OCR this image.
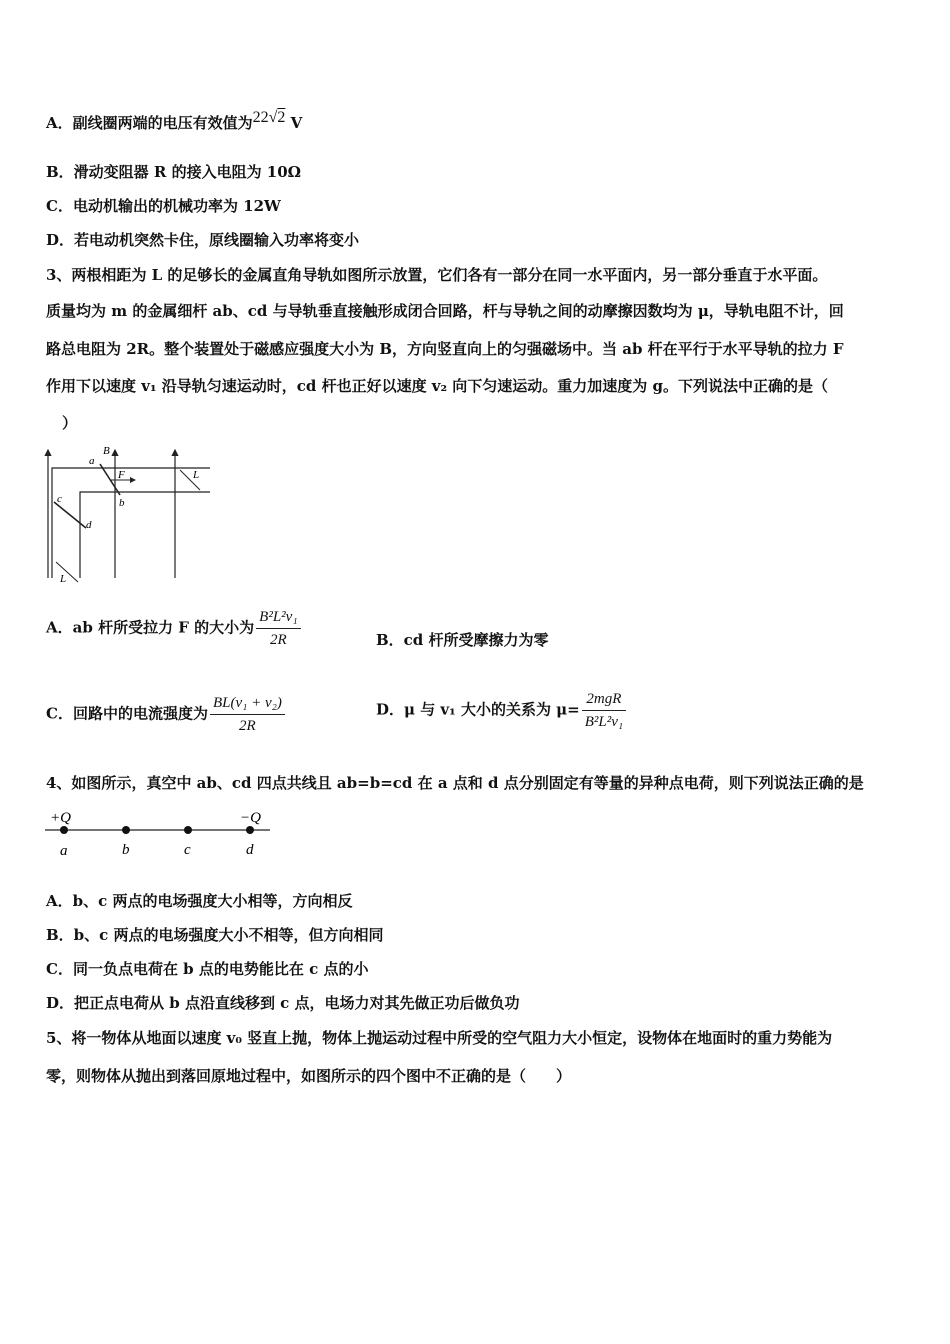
A．副线圈两端的电压有效值为22√2 V
B．滑动变阻器 R 的接入电阻为 10Ω
C．电动机输出的机械功率为 12W
D．若电动机突然卡住，原线圈输入功率将变小
3、两根相距为 L 的足够长的金属直角导轨如图所示放置，它们各有一部分在同一水平面内，另一部分垂直于水平面。
质量均为 m 的金属细杆 ab、cd 与导轨垂直接触形成闭合回路，杆与导轨之间的动摩擦因数均为 μ，导轨电阻不计，回
路总电阻为 2R。整个装置处于磁感应强度大小为 B，方向竖直向上的匀强磁场中。当 ab 杆在平行于水平导轨的拉力 F
作用下以速度 v₁ 沿导轨匀速运动时，cd 杆也正好以速度 v₂ 向下匀速运动。重力加速度为 g。下列说法中正确的是（
）
B
a
F
b
c
d
L
L
A．ab 杆所受拉力 F 的大小为 $\frac{\text{B²L²v₁}}{2R}$	B．cd 杆所受摩擦力为零
C．回路中的电流强度为 $\frac{\text{BL(v₁ + v₂)}}{2R}$	D．μ 与 v₁ 大小的关系为 $\mu= \frac{\text{2mgR}}{\text{B²L²v₁}}$
4、如图所示，真空中 ab、cd 四点共线且 ab=b=cd 在 a 点和 d 点分别固定有等量的异种点电荷，则下列说法正确的是
+Q	−Q
a	b	c	d
A．b、c 两点的电场强度大小相等，方向相反
B．b、c 两点的电场强度大小不相等，但方向相同
C．同一负点电荷在 b 点的电势能比在 c 点的小
D．把正点电荷从 b 点沿直线移到 c 点，电场力对其先做正功后做负功
5、将一物体从地面以速度 v₀ 竖直上抛，物体上抛运动过程中所受的空气阻力大小恒定，设物体在地面时的重力势能为
零，则物体从抛出到落回原地过程中，如图所示的四个图中不正确的是（　　）
